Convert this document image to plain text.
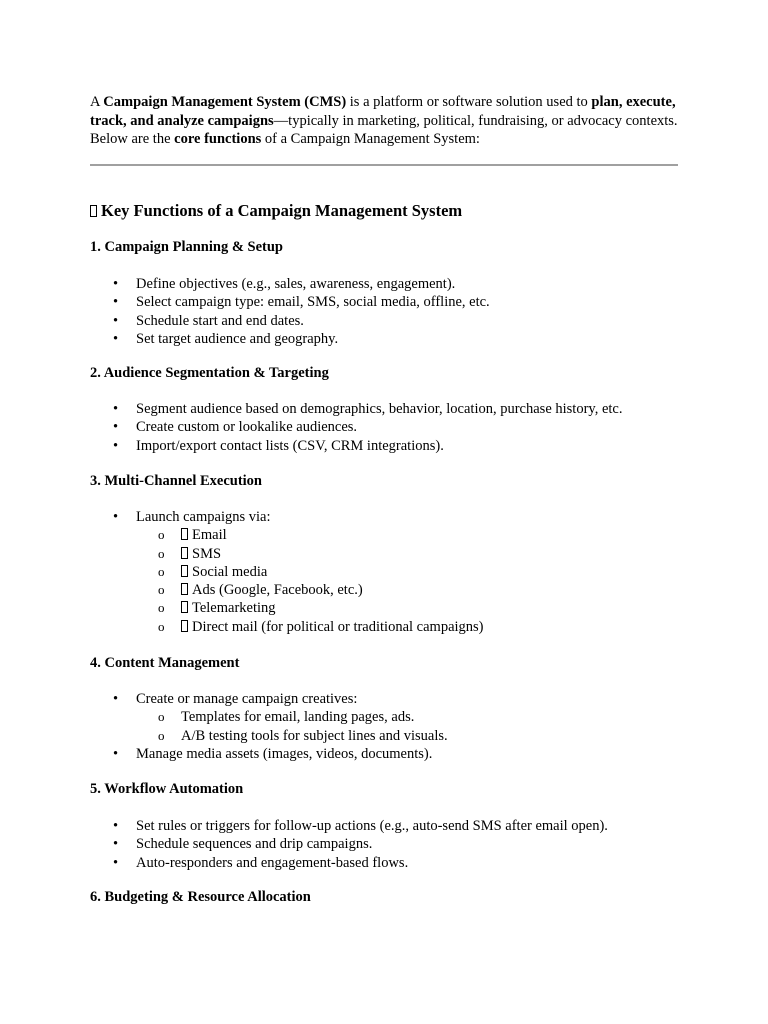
A Campaign Management System (CMS) is a platform or software solution used to plan, execute, track, and analyze campaigns—typically in marketing, political, fundraising, or advocacy contexts. Below are the core functions of a Campaign Management System:

Key Functions of a Campaign Management System
1. Campaign Planning & Setup
• Define objectives (e.g., sales, awareness, engagement).
• Select campaign type: email, SMS, social media, offline, etc.
• Schedule start and end dates.
• Set target audience and geography.
2. Audience Segmentation & Targeting
• Segment audience based on demographics, behavior, location, purchase history, etc.
• Create custom or lookalike audiences.
• Import/export contact lists (CSV, CRM integrations).
3. Multi-Channel Execution
• Launch campaigns via:
o Email
o SMS
o Social media
o Ads (Google, Facebook, etc.)
o Telemarketing
o Direct mail (for political or traditional campaigns)
4. Content Management
• Create or manage campaign creatives:
o Templates for email, landing pages, ads.
o A/B testing tools for subject lines and visuals.
• Manage media assets (images, videos, documents).
5. Workflow Automation
• Set rules or triggers for follow-up actions (e.g., auto-send SMS after email open).
• Schedule sequences and drip campaigns.
• Auto-responders and engagement-based flows.
6. Budgeting & Resource Allocation
